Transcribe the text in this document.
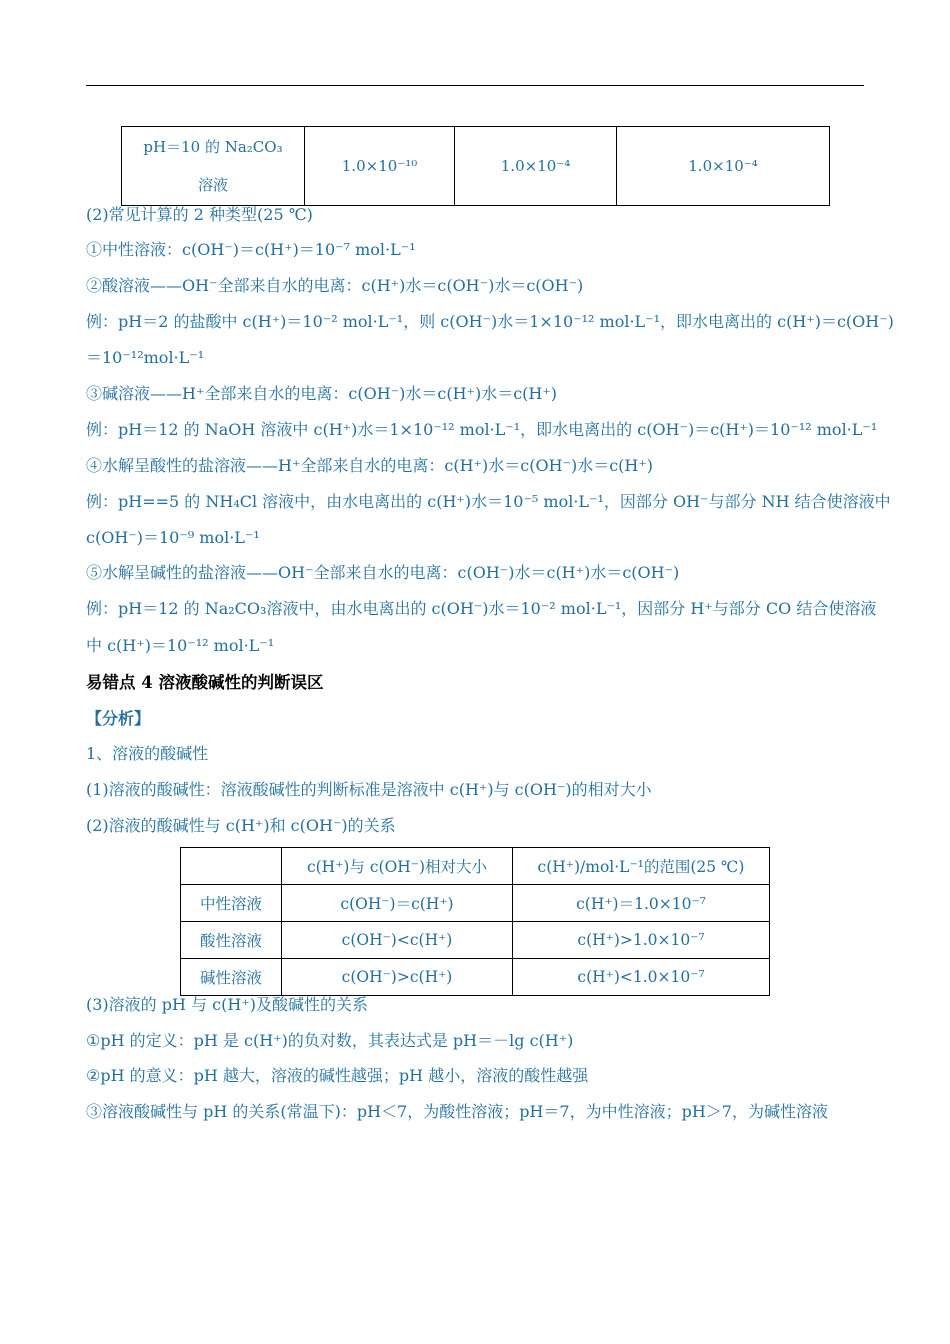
pH＝10 的 Na₂CO₃溶液
	1.0×10⁻¹⁰	1.0×10⁻⁴	1.0×10⁻⁴
(2)常见计算的 2 种类型(25 ℃)
①中性溶液：c(OH⁻)＝c(H⁺)＝10⁻⁷ mol·L⁻¹
②酸溶液——OH⁻全部来自水的电离：c(H⁺)水＝c(OH⁻)水＝c(OH⁻)
例：pH＝2 的盐酸中 c(H⁺)＝10⁻² mol·L⁻¹，则 c(OH⁻)水＝1×10⁻¹² mol·L⁻¹，即水电离出的 c(H⁺)＝c(OH⁻)
＝10⁻¹²mol·L⁻¹
③碱溶液——H⁺全部来自水的电离：c(OH⁻)水＝c(H⁺)水＝c(H⁺)
例：pH＝12 的 NaOH 溶液中 c(H⁺)水＝1×10⁻¹² mol·L⁻¹，即水电离出的 c(OH⁻)＝c(H⁺)＝10⁻¹² mol·L⁻¹
④水解呈酸性的盐溶液——H⁺全部来自水的电离：c(H⁺)水＝c(OH⁻)水＝c(H⁺)
例：pH==5 的 NH₄Cl 溶液中，由水电离出的 c(H⁺)水＝10⁻⁵ mol·L⁻¹，因部分 OH⁻与部分 NH 结合使溶液中
c(OH⁻)＝10⁻⁹ mol·L⁻¹
⑤水解呈碱性的盐溶液——OH⁻全部来自水的电离：c(OH⁻)水＝c(H⁺)水＝c(OH⁻)
例：pH＝12 的 Na₂CO₃溶液中，由水电离出的 c(OH⁻)水＝10⁻² mol·L⁻¹，因部分 H⁺与部分 CO 结合使溶液
中 c(H⁺)＝10⁻¹² mol·L⁻¹
易错点 4 溶液酸碱性的判断误区
【分析】
1、溶液的酸碱性
(1)溶液的酸碱性：溶液酸碱性的判断标准是溶液中 c(H⁺)与 c(OH⁻)的相对大小
(2)溶液的酸碱性与 c(H⁺)和 c(OH⁻)的关系
	c(H⁺)与 c(OH⁻)相对大小	c(H⁺)/mol·L⁻¹的范围(25 ℃)
中性溶液	c(OH⁻)＝c(H⁺)	c(H⁺)＝1.0×10⁻⁷
酸性溶液	c(OH⁻)<c(H⁺)	c(H⁺)>1.0×10⁻⁷
碱性溶液	c(OH⁻)>c(H⁺)	c(H⁺)<1.0×10⁻⁷
(3)溶液的 pH 与 c(H⁺)及酸碱性的关系
①pH 的定义：pH 是 c(H⁺)的负对数，其表达式是 pH＝－lg c(H⁺)
②pH 的意义：pH 越大，溶液的碱性越强；pH 越小，溶液的酸性越强
③溶液酸碱性与 pH 的关系(常温下)：pH＜7，为酸性溶液；pH＝7，为中性溶液；pH＞7，为碱性溶液
